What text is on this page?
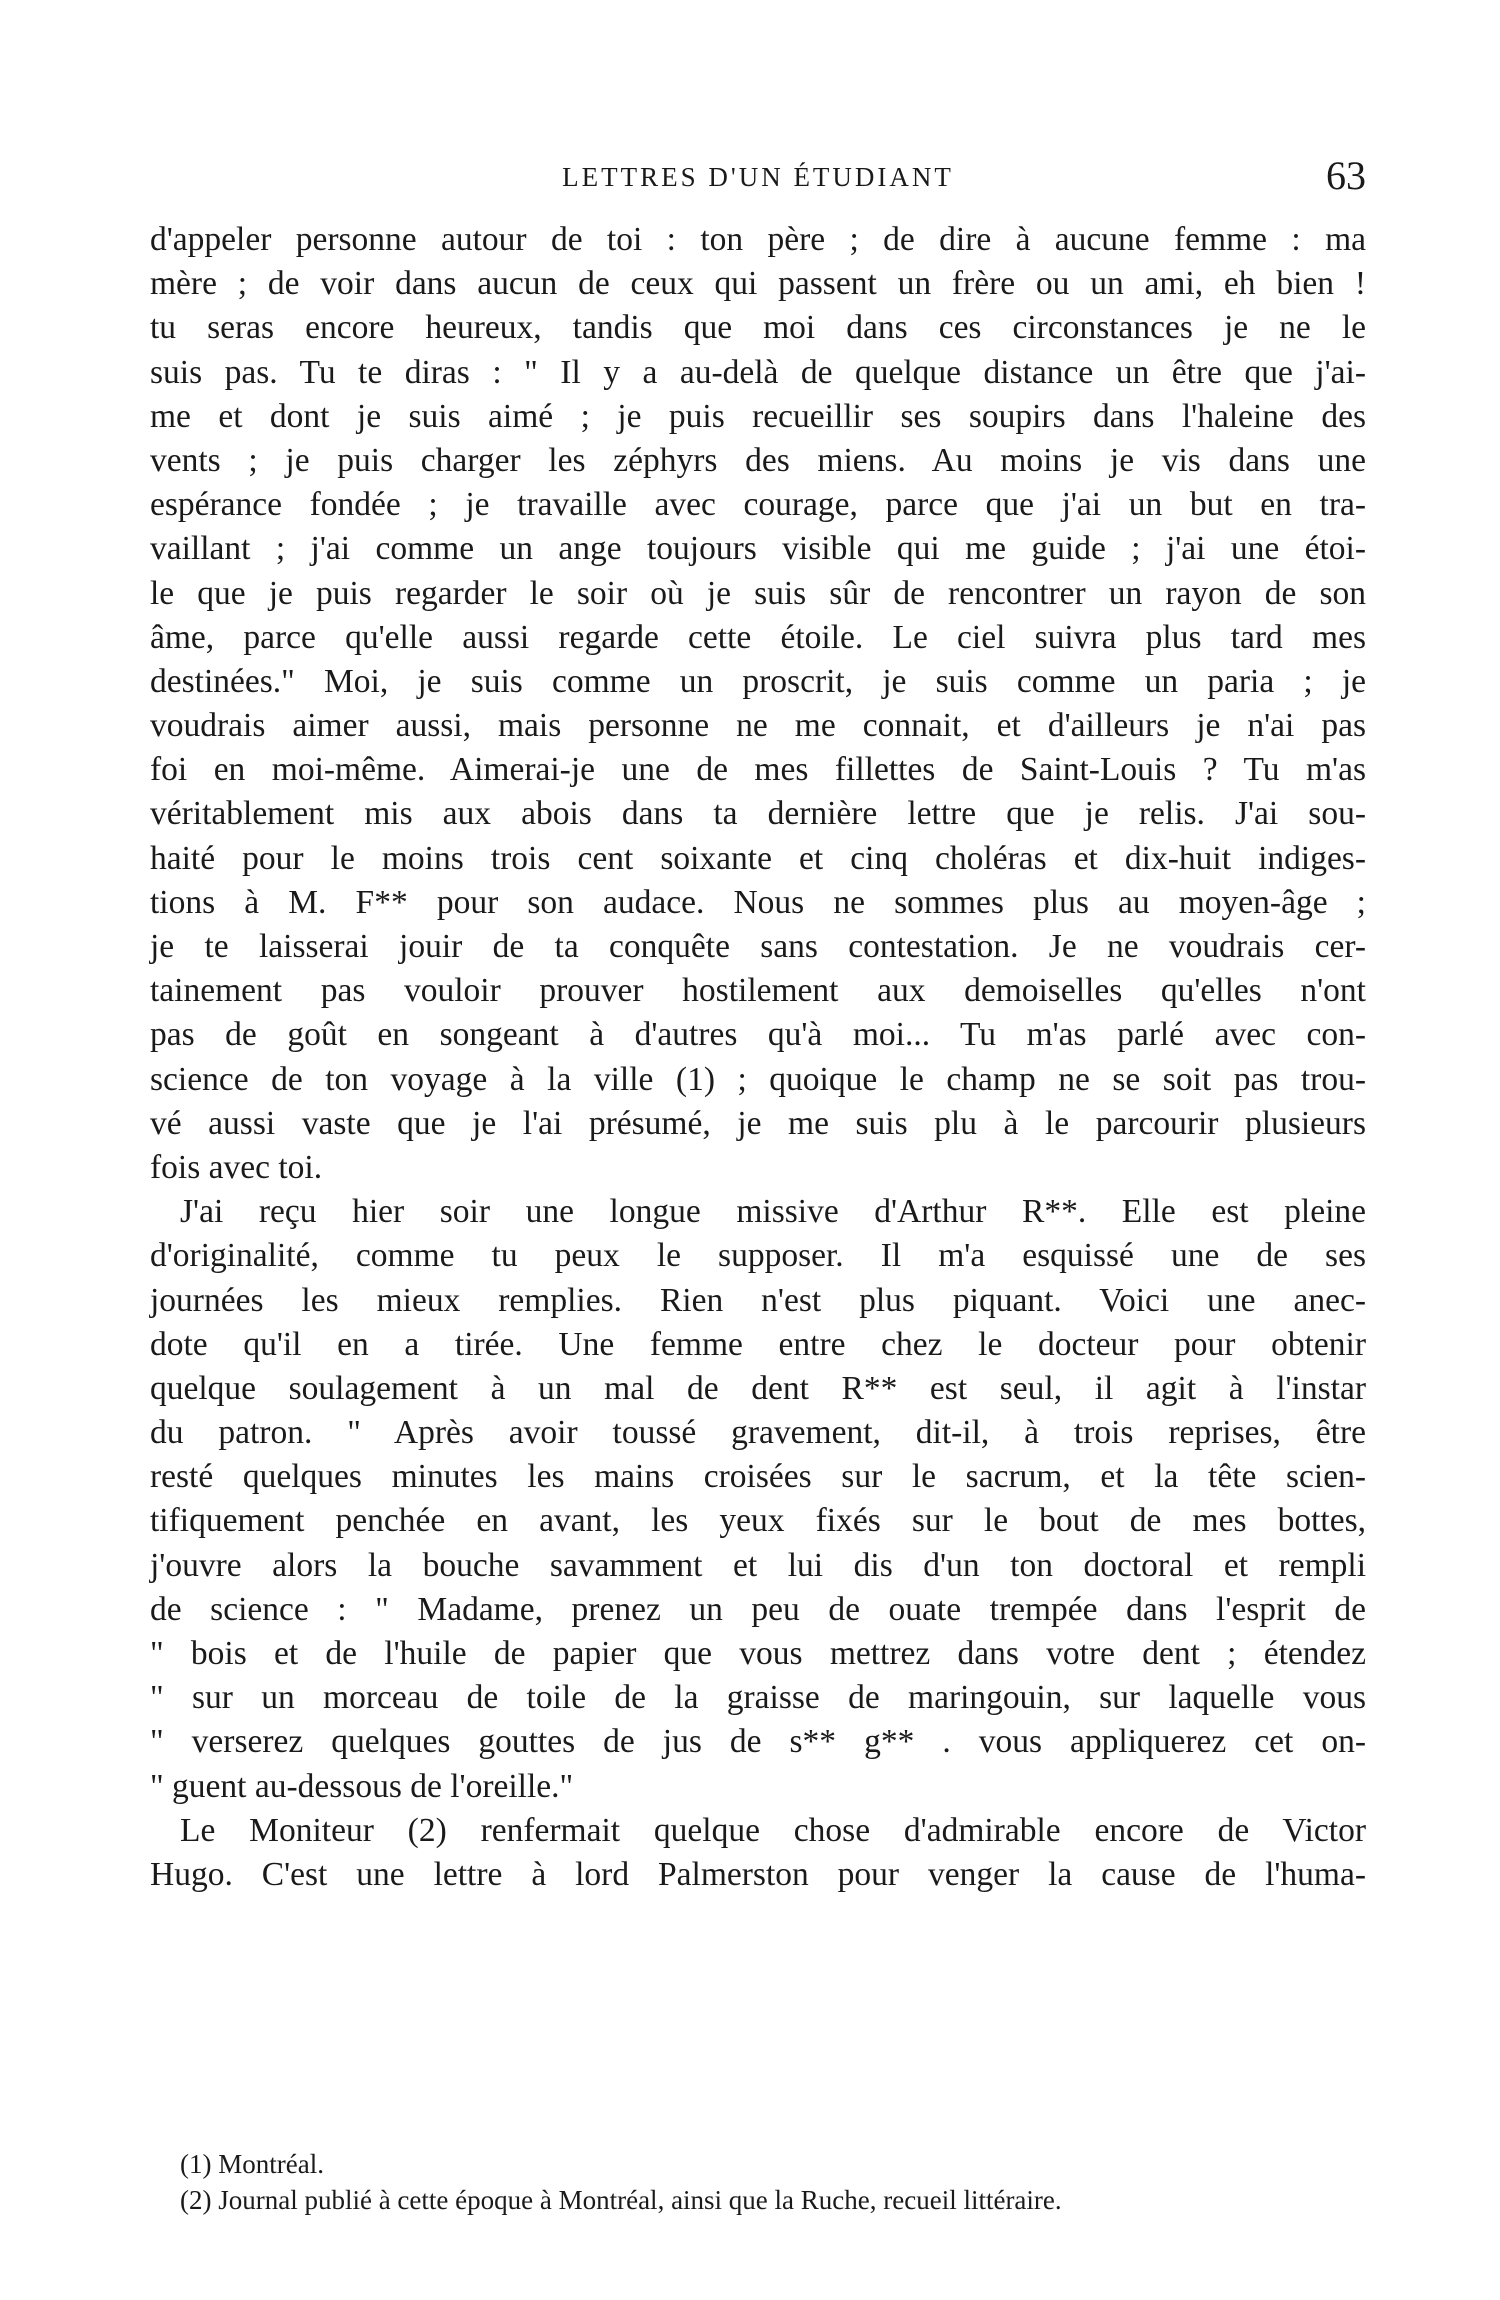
LETTRES D'UN ÉTUDIANT	63
d'appeler personne autour de toi : ton père ; de dire à aucune femme : ma
mère ; de voir dans aucun de ceux qui passent un frère ou un ami, eh bien !
tu seras encore heureux, tandis que moi dans ces circonstances je ne le
suis pas. Tu te diras : " Il y a au-delà de quelque distance un être que j'ai-
me et dont je suis aimé ; je puis recueillir ses soupirs dans l'haleine des
vents ; je puis charger les zéphyrs des miens. Au moins je vis dans une
espérance fondée ; je travaille avec courage, parce que j'ai un but en tra-
vaillant ; j'ai comme un ange toujours visible qui me guide ; j'ai une étoi-
le que je puis regarder le soir où je suis sûr de rencontrer un rayon de son
âme, parce qu'elle aussi regarde cette étoile. Le ciel suivra plus tard mes
destinées." Moi, je suis comme un proscrit, je suis comme un paria ; je
voudrais aimer aussi, mais personne ne me connait, et d'ailleurs je n'ai pas
foi en moi-même. Aimerai-je une de mes fillettes de Saint-Louis ? Tu m'as
véritablement mis aux abois dans ta dernière lettre que je relis. J'ai sou-
haité pour le moins trois cent soixante et cinq choléras et dix-huit indiges-
tions à M. F** pour son audace. Nous ne sommes plus au moyen-âge ;
je te laisserai jouir de ta conquête sans contestation. Je ne voudrais cer-
tainement pas vouloir prouver hostilement aux demoiselles qu'elles n'ont
pas de goût en songeant à d'autres qu'à moi... Tu m'as parlé avec con-
science de ton voyage à la ville (1) ; quoique le champ ne se soit pas trou-
vé aussi vaste que je l'ai présumé, je me suis plu à le parcourir plusieurs
fois avec toi.
J'ai reçu hier soir une longue missive d'Arthur R**. Elle est pleine
d'originalité, comme tu peux le supposer. Il m'a esquissé une de ses
journées les mieux remplies. Rien n'est plus piquant. Voici une anec-
dote qu'il en a tirée. Une femme entre chez le docteur pour obtenir
quelque soulagement à un mal de dent R** est seul, il agit à l'instar
du patron. " Après avoir toussé gravement, dit-il, à trois reprises, être
resté quelques minutes les mains croisées sur le sacrum, et la tête scien-
tifiquement penchée en avant, les yeux fixés sur le bout de mes bottes,
j'ouvre alors la bouche savamment et lui dis d'un ton doctoral et rempli
de science : " Madame, prenez un peu de ouate trempée dans l'esprit de
" bois et de l'huile de papier que vous mettrez dans votre dent ; étendez
" sur un morceau de toile de la graisse de maringouin, sur laquelle vous
" verserez quelques gouttes de jus de s** g** . vous appliquerez cet on-
" guent au-dessous de l'oreille."
Le Moniteur (2) renfermait quelque chose d'admirable encore de Victor
Hugo. C'est une lettre à lord Palmerston pour venger la cause de l'huma-
(1) Montréal.
(2) Journal publié à cette époque à Montréal, ainsi que la Ruche, recueil littéraire.
